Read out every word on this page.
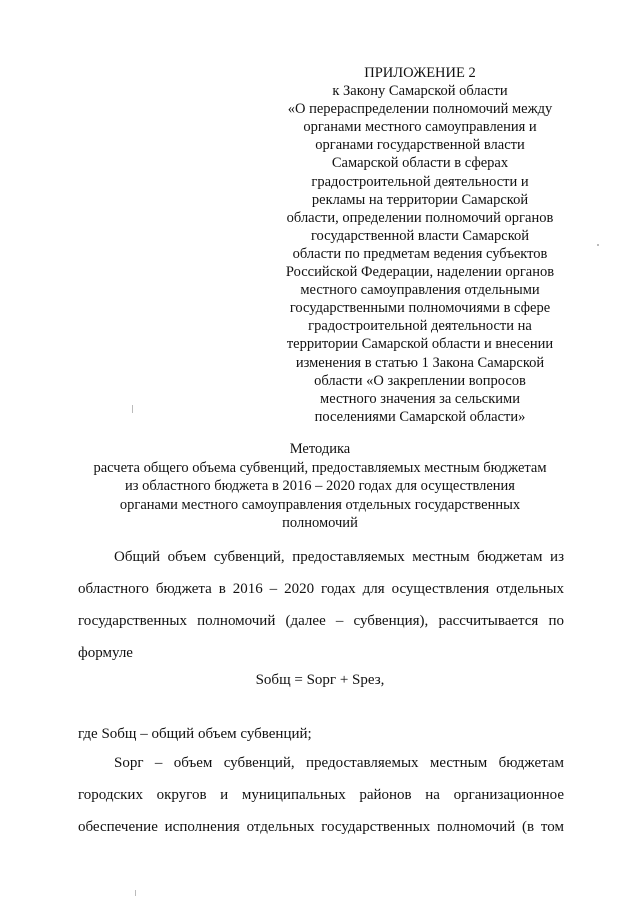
ПРИЛОЖЕНИЕ 2
к Закону Самарской области
«О перераспределении полномочий между
органами местного самоуправления и
органами государственной власти
Самарской области в сферах
градостроительной деятельности и
рекламы на территории Самарской
области, определении полномочий органов
государственной власти Самарской
области по предметам ведения субъектов
Российской Федерации, наделении органов
местного самоуправления отдельными
государственными полномочиями в сфере
градостроительной деятельности на
территории Самарской области и внесении
изменения в статью 1 Закона Самарской
области «О закреплении вопросов
местного значения за сельскими
поселениями Самарской области»
Методика
расчета общего объема субвенций, предоставляемых местным бюджетам
из областного бюджета в 2016 – 2020 годах для осуществления
органами местного самоуправления отдельных государственных
полномочий
Общий объем субвенций, предоставляемых местным бюджетам из
областного бюджета в 2016 – 2020 годах для осуществления отдельных
государственных полномочий (далее – субвенция), рассчитывается по
формуле
Sобщ = Sорг + Sрез,
где Sобщ – общий объем субвенций;
Sорг – объем субвенций, предоставляемых местным бюджетам
городских округов и муниципальных районов на организационное
обеспечение исполнения отдельных государственных полномочий (в том
